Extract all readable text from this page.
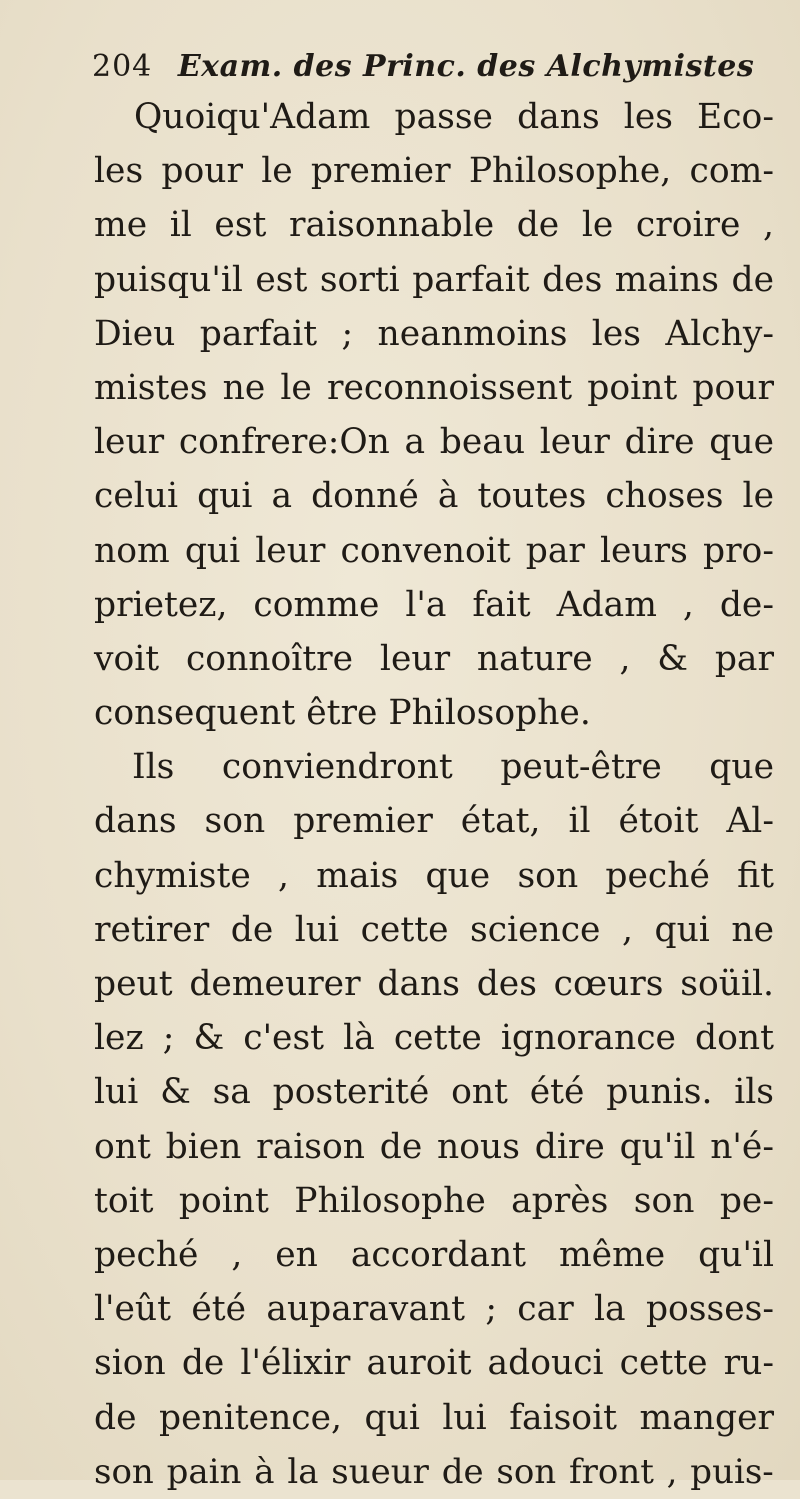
204 Exam. des Princ. des Alchymistes
Quoiqu'Adam passe dans les Eco-
les pour le premier Philosophe, com-
me il est raisonnable de le croire ,
puisqu'il est sorti parfait des mains de
Dieu parfait ; neanmoins les Alchy-
mistes ne le reconnoissent point pour
leur confrere:On a beau leur dire que
celui qui a donné à toutes choses le
nom qui leur convenoit par leurs pro-
prietez, comme l'a fait Adam , de-
voit connoître leur nature , & par
consequent être Philosophe.
Ils conviendront peut-être que
dans son premier état, il étoit Al-
chymiste , mais que son peché fit
retirer de lui cette science , qui ne
peut demeurer dans des cœurs soüil.
lez ; & c'est là cette ignorance dont
lui & sa posterité ont été punis. ils
ont bien raison de nous dire qu'il n'é-
toit point Philosophe après son pe-
peché , en accordant même qu'il
l'eût été auparavant ; car la posses-
sion de l'élixir auroit adouci cette ru-
de penitence, qui lui faisoit manger
son pain à la sueur de son front , puis-
